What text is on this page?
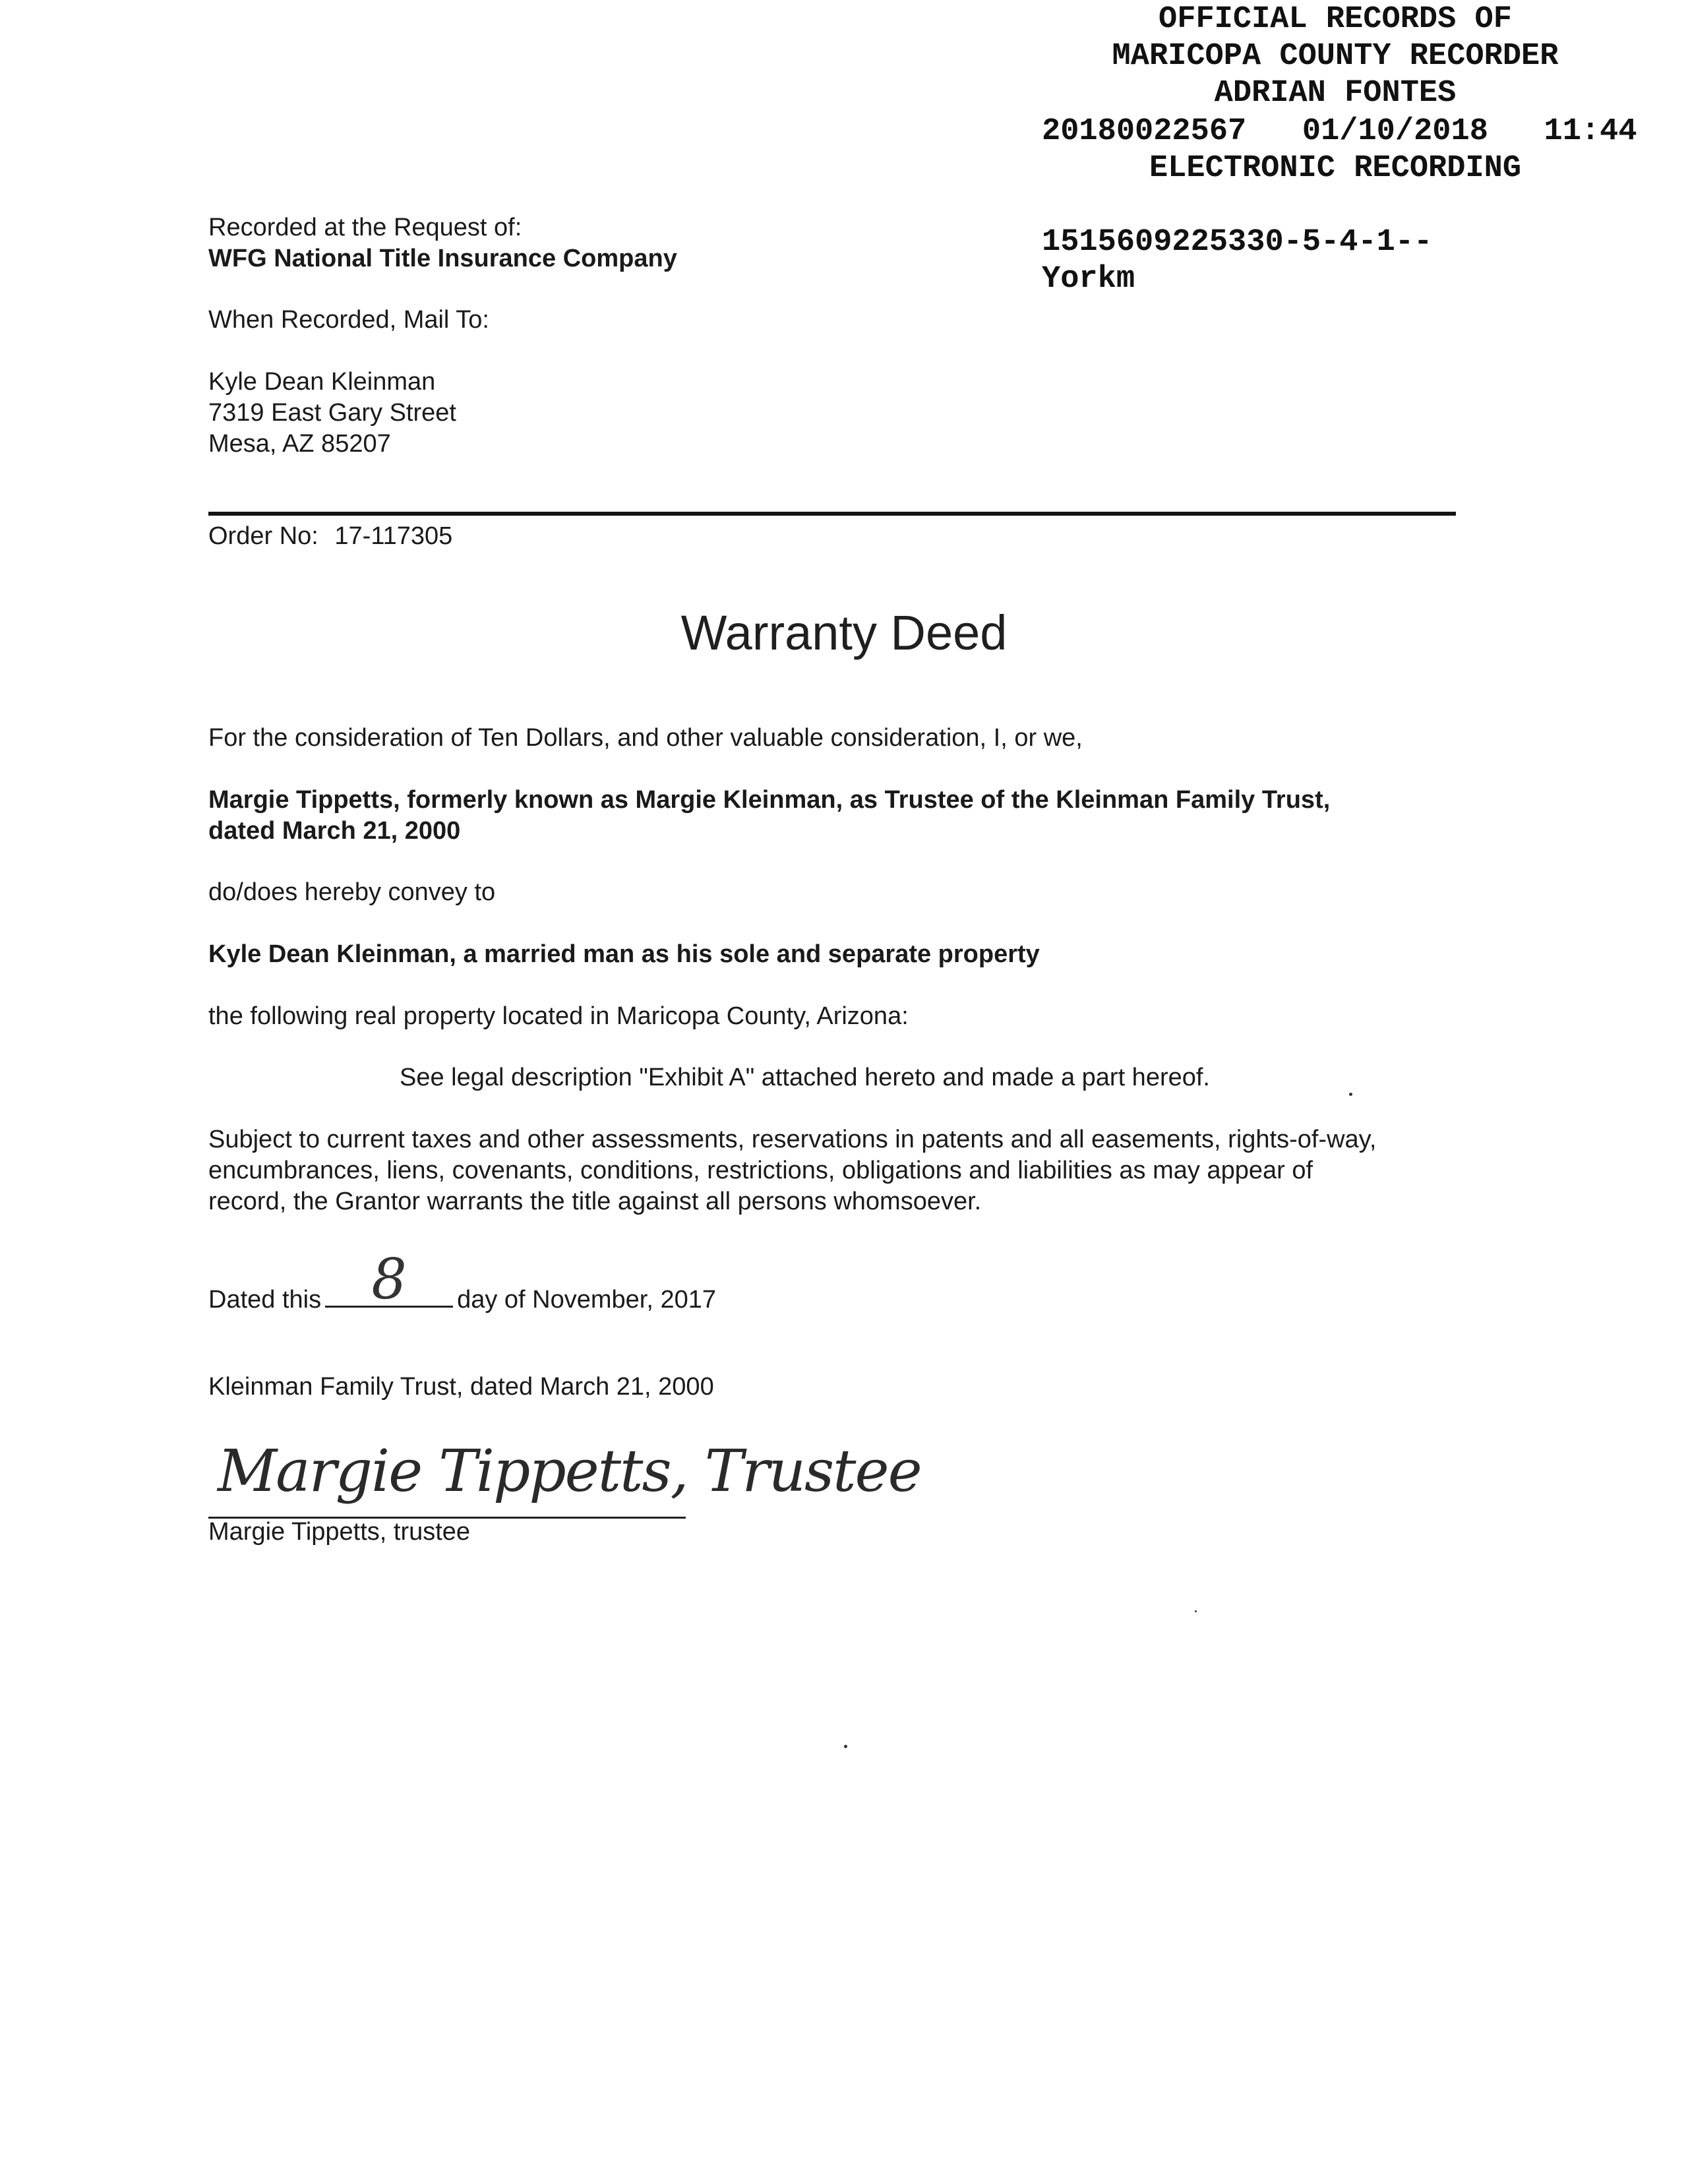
OFFICIAL RECORDS OF
MARICOPA COUNTY RECORDER
ADRIAN FONTES
20180022567   01/10/2018   11:44
ELECTRONIC RECORDING
1515609225330-5-4-1--
Yorkm
Recorded at the Request of:
WFG National Title Insurance Company
When Recorded, Mail To:
Kyle Dean Kleinman
7319 East Gary Street
Mesa, AZ 85207
Order No: 17-117305
Warranty Deed
For the consideration of Ten Dollars, and other valuable consideration, I, or we,
Margie Tippetts, formerly known as Margie Kleinman, as Trustee of the Kleinman Family Trust,
dated March 21, 2000
do/does hereby convey to
Kyle Dean Kleinman, a married man as his sole and separate property
the following real property located in Maricopa County, Arizona:
See legal description "Exhibit A" attached hereto and made a part hereof.
Subject to current taxes and other assessments, reservations in patents and all easements, rights-of-way,
encumbrances, liens, covenants, conditions, restrictions, obligations and liabilities as may appear of
record, the Grantor warrants the title against all persons whomsoever.
Dated this 8	day of November, 2017
Kleinman Family Trust, dated March 21, 2000
Margie Tippetts, Trustee
Margie Tippetts, trustee
